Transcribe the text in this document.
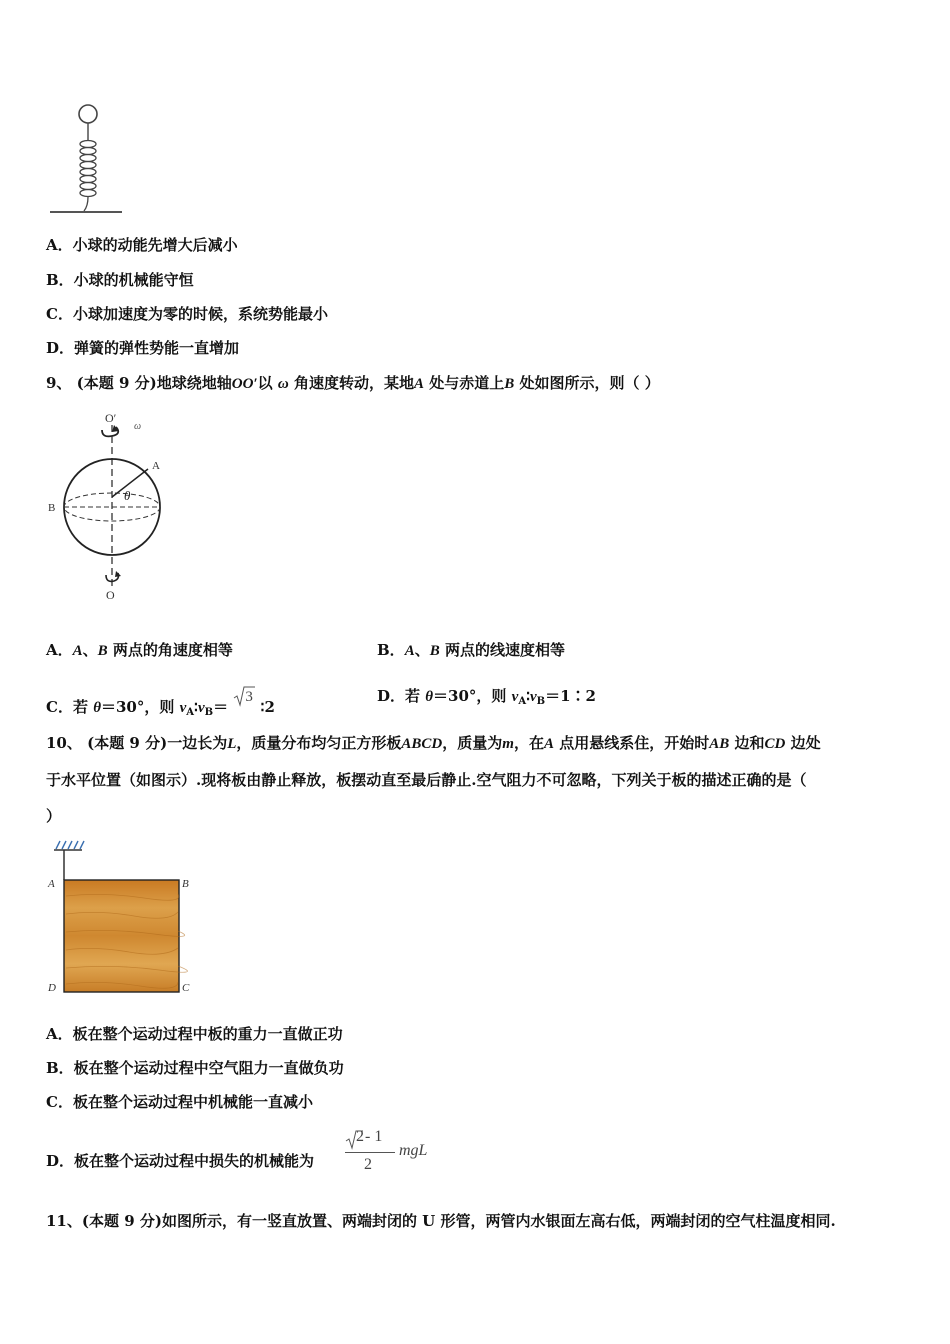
A．小球的动能先增大后减小
B．小球的机械能守恒
C．小球加速度为零的时候，系统势能最小
D．弹簧的弹性势能一直增加
9、 (本题 9 分)地球绕地轴OO′以 ω 角速度转动，某地A 处与赤道上B 处如图所示，则（ ）
O′
ω
A
B
θ
O
A．A、B 两点的角速度相等	B．A、B 两点的线速度相等
C．若 θ＝30°，则 $v_A∶v_B=$
3
∶2
D．若 θ＝30°，则 $v_A∶v_B=1∶2$
10、 (本题 9 分)一边长为L，质量分布均匀正方形板ABCD，质量为m，在A 点用悬线系住，开始时AB 边和CD 边处
于水平位置（如图示）.现将板由静止释放，板摆动直至最后静止.空气阻力不可忽略，下列关于板的描述正确的是（
）
A	B
D	C
A．板在整个运动过程中板的重力一直做正功
B．板在整个运动过程中空气阻力一直做负功
C．板在整个运动过程中机械能一直减小
D．板在整个运动过程中损失的机械能为
2 - 1
2
mgL
11、(本题 9 分)如图所示，有一竖直放置、两端封闭的 U 形管，两管内水银面左高右低，两端封闭的空气柱温度相同.
